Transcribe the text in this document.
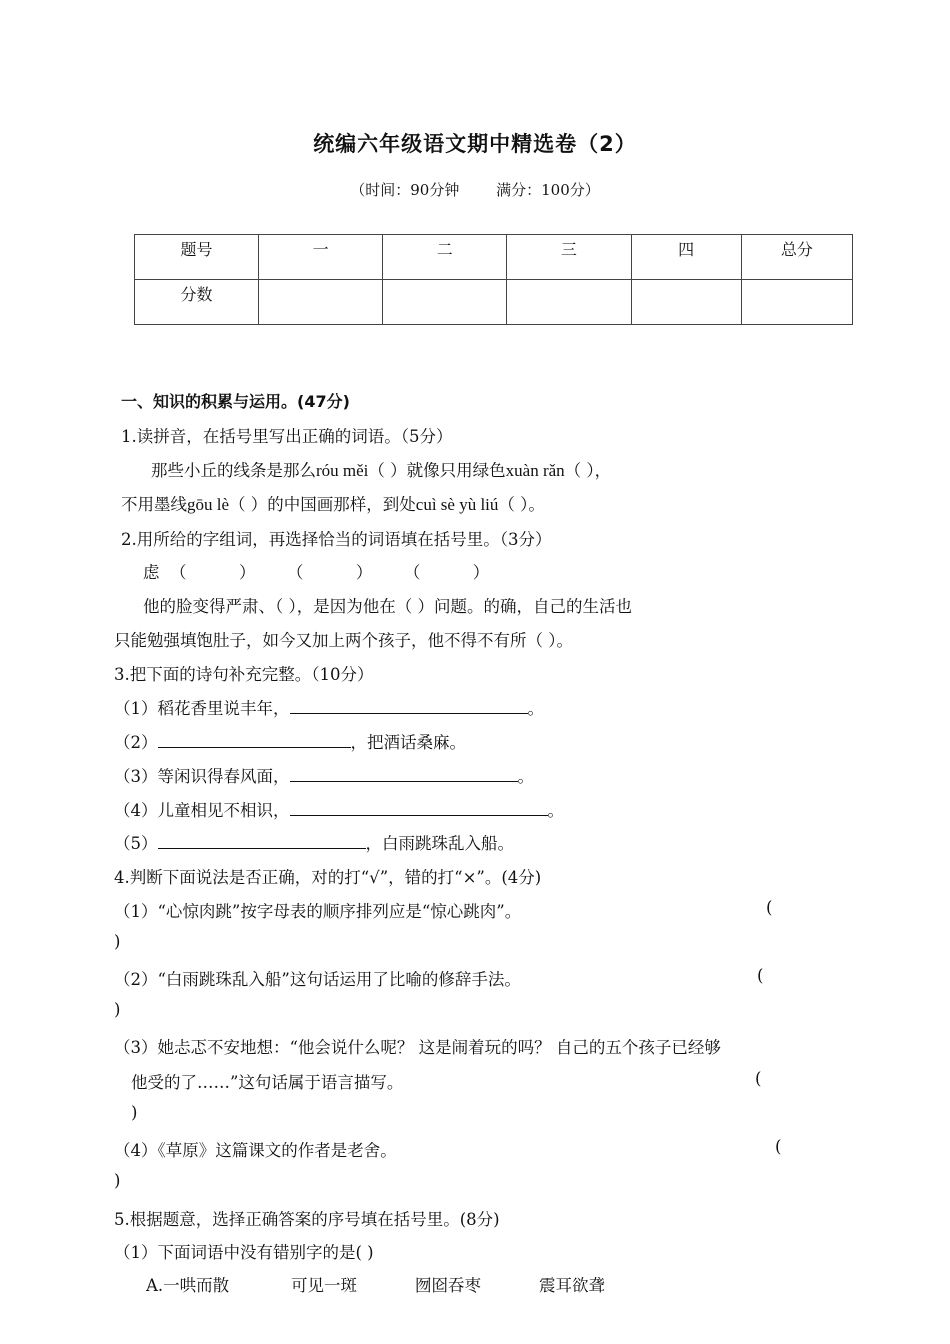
统编六年级语文期中精选卷（2）
（时间：90分钟 满分：100分）
题号	一	二	三	四	总分
分数					
一、知识的积累与运用。(47分)
1.读拼音，在括号里写出正确的词语。（5分）
那些小丘的线条是那么róu měi（ ）就像只用绿色xuàn rǎn（ ），
不用墨线gōu lè（ ）的中国画那样，到处cuì sè yù liú（ ）。
2.用所给的字组词，再选择恰当的词语填在括号里。（3分）
虑  （          ）      （          ）      （          ）
他的脸变得严肃、（ ），是因为他在（ ）问题。的确，自己的生活也
只能勉强填饱肚子，如今又加上两个孩子，他不得不有所（ ）。
3.把下面的诗句补充完整。（10分）
（1）稻花香里说丰年，	。
（2）	，把酒话桑麻。
（3）等闲识得春风面，	。
（4）儿童相见不相识，	。
（5）	，白雨跳珠乱入船。
4.判断下面说法是否正确，对的打“√”，错的打“×”。(4分)
（1）“心惊肉跳”按字母表的顺序排列应是“惊心跳肉”。	(
)
（2）“白雨跳珠乱入船”这句话运用了比喻的修辞手法。	(
)
（3）她忐忑不安地想：“他会说什么呢？ 这是闹着玩的吗？ 自己的五个孩子已经够
他受的了……”这句话属于语言描写。	(
)
（4）《草原》这篇课文的作者是老舍。	(
)
5.根据题意，选择正确答案的序号填在括号里。(8分)
（1）下面词语中没有错别字的是( )
A.一哄而散	可见一斑	囫囵吞枣	震耳欲聋
